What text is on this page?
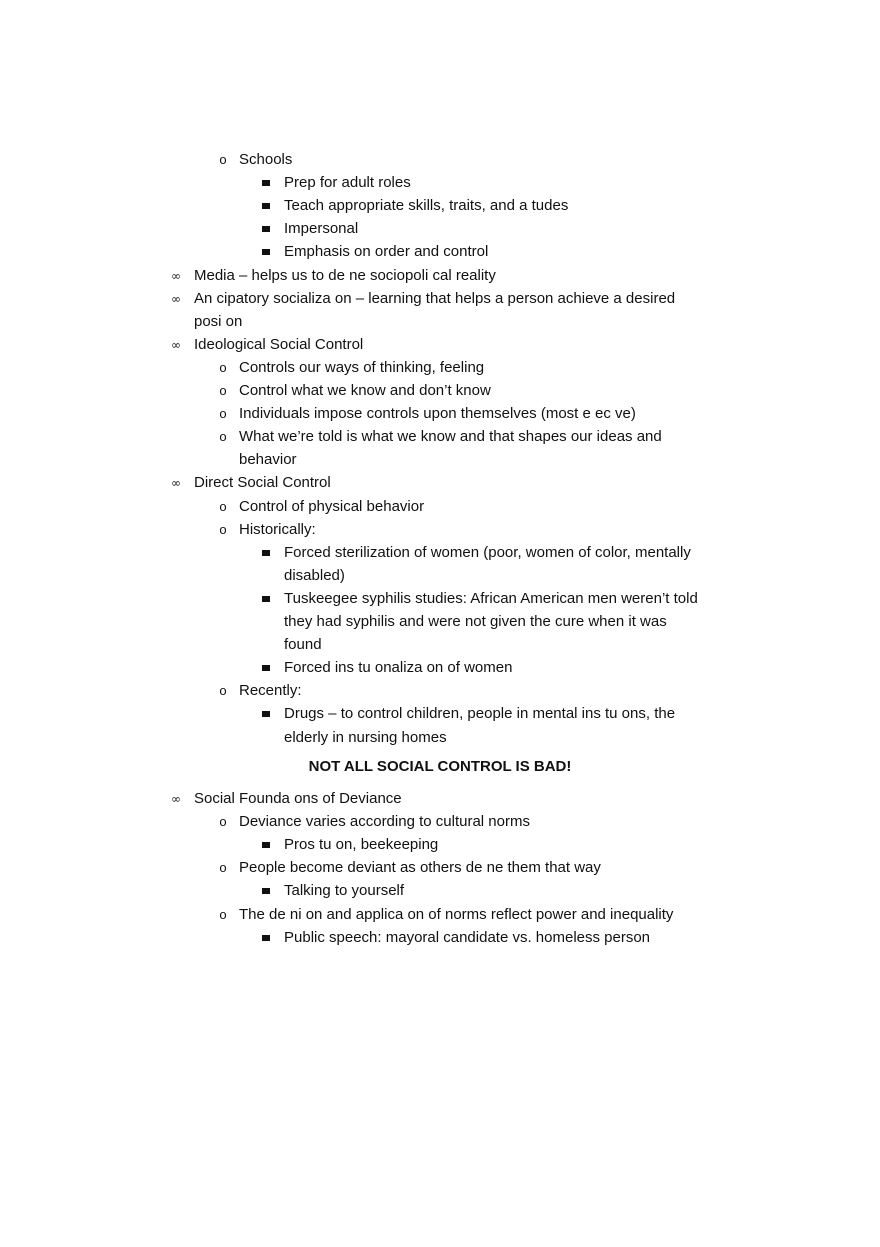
Schools
o
Prep for adult roles
Teach appropriate skills, traits, and a tudes
Impersonal
Emphasis on order and control
Media – helps us to de ne sociopoli cal reality
∞
An cipatory socializa on – learning that helps a person achieve a desired
∞
posi on
Ideological Social Control
∞
Controls our ways of thinking, feeling
o
Control what we know and don’t know
o
Individuals impose controls upon themselves (most e ec ve)
o
What we’re told is what we know and that shapes our ideas and
o
behavior
Direct Social Control
∞
Control of physical behavior
o
Historically:
o
Forced sterilization of women (poor, women of color, mentally
disabled)
Tuskeegee syphilis studies: African American men weren’t told
they had syphilis and were not given the cure when it was
found
Forced ins tu onaliza on of women
Recently:
o
Drugs – to control children, people in mental ins tu ons, the
elderly in nursing homes
NOT ALL SOCIAL CONTROL IS BAD!
Social Founda ons of Deviance
∞
Deviance varies according to cultural norms
o
Pros tu on, beekeeping
People become deviant as others de ne them that way
o
Talking to yourself
The de ni on and applica on of norms reflect power and inequality
o
Public speech: mayoral candidate vs. homeless person
